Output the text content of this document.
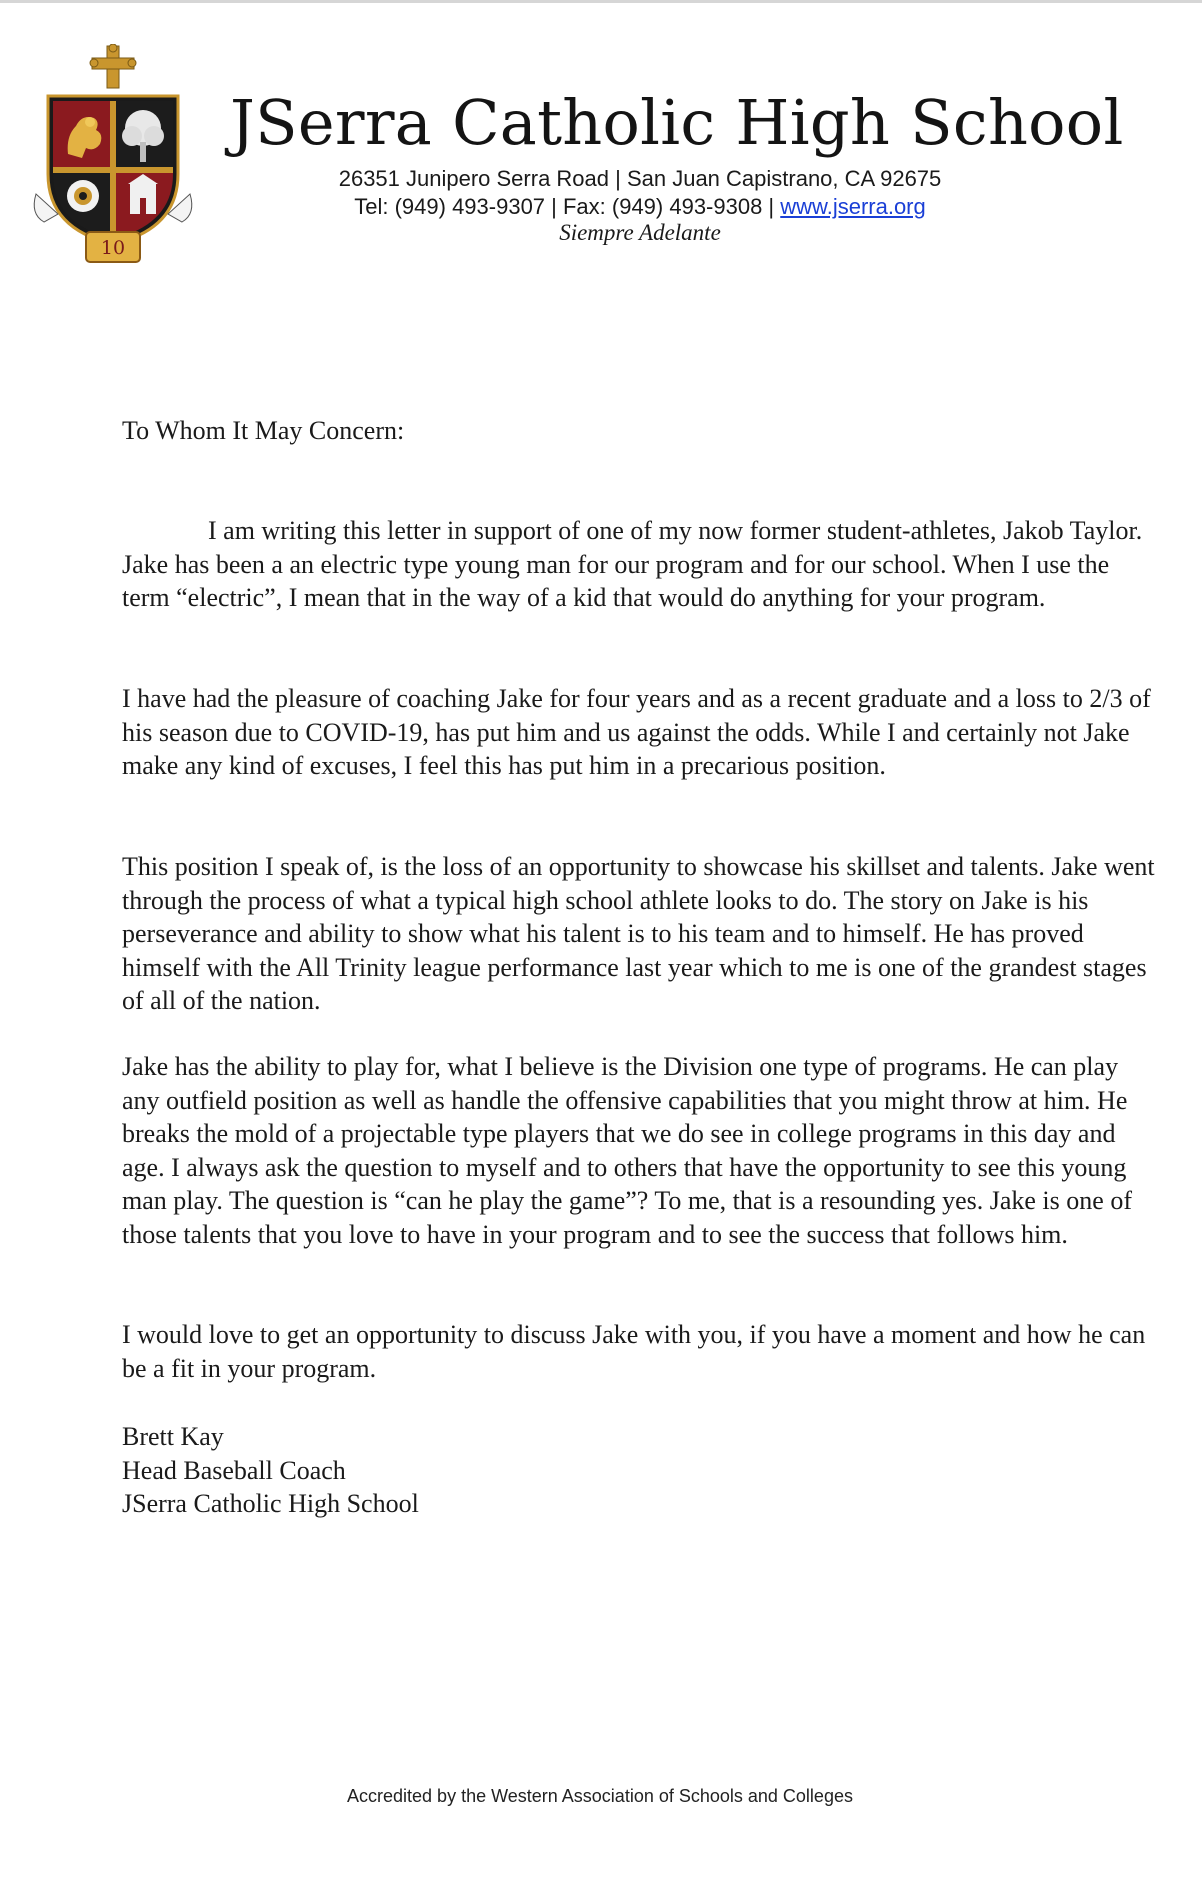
10
JSerra Catholic High School
26351 Junipero Serra Road | San Juan Capistrano, CA 92675
Tel: (949) 493-9307 | Fax: (949) 493-9308 | www.jserra.org
Siempre Adelante
To Whom It May Concern:

I am writing this letter in support of one of my now former student-athletes, Jakob Taylor. Jake has been a an electric type young man for our program and for our school. When I use the term “electric”, I mean that in the way of a kid that would do anything for your program.

I have had the pleasure of coaching Jake for four years and as a recent graduate and a loss to 2/3 of his season due to COVID-19, has put him and us against the odds. While I and certainly not Jake make any kind of excuses, I feel this has put him in a precarious position.

This position I speak of, is the loss of an opportunity to showcase his skillset and talents. Jake went through the process of what a typical high school athlete looks to do. The story on Jake is his perseverance and ability to show what his talent is to his team and to himself. He has proved himself with the All Trinity league performance last year which to me is one of the grandest stages of all of the nation.

Jake has the ability to play for, what I believe is the Division one type of programs. He can play any outfield position as well as handle the offensive capabilities that you might throw at him. He breaks the mold of a projectable type players that we do see in college programs in this day and age. I always ask the question to myself and to others that have the opportunity to see this young man play. The question is “can he play the game”? To me, that is a resounding yes. Jake is one of those talents that you love to have in your program and to see the success that follows him.

I would love to get an opportunity to discuss Jake with you, if you have a moment and how he can be a fit in your program.

Brett Kay
Head Baseball Coach
JSerra Catholic High School
Accredited by the Western Association of Schools and Colleges
